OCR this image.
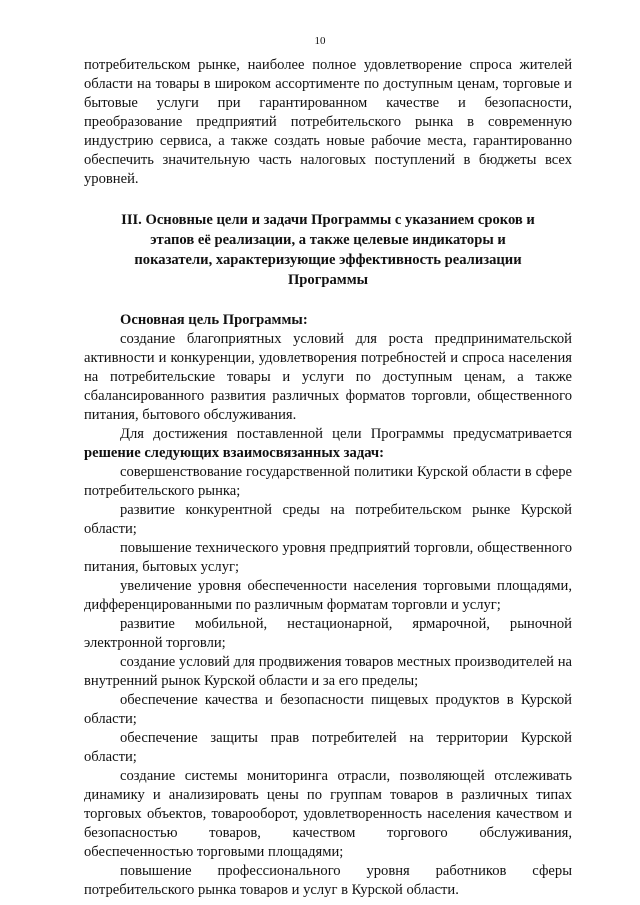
10

потребительском рынке, наиболее полное удовлетворение спроса жителей области на товары в широком ассортименте по доступным ценам, торговые и бытовые услуги при гарантированном качестве и безопасности, преобразование предприятий потребительского рынка в современную индустрию сервиса, а также создать новые рабочие места, гарантированно обеспечить значительную часть налоговых поступлений в бюджеты всех уровней.

III. Основные цели и задачи Программы с указанием сроков и этапов её реализации, а также целевые индикаторы и показатели, характеризующие эффективность реализации Программы
Основная цель Программы:

создание благоприятных условий для роста предпринимательской активности и конкуренции, удовлетворения потребностей и спроса населения на потребительские товары и услуги по доступным ценам, а также сбалансированного развития различных форматов торговли, общественного питания, бытового обслуживания.

Для достижения поставленной цели Программы предусматривается решение следующих взаимосвязанных задач:

совершенствование государственной политики Курской области в сфере потребительского рынка;

развитие конкурентной среды на потребительском рынке Курской области;

повышение технического уровня предприятий торговли, общественного питания, бытовых услуг;

увеличение уровня обеспеченности населения торговыми площадями, дифференцированными по различным форматам торговли и услуг;

развитие мобильной, нестационарной, ярмарочной, рыночной электронной торговли;

создание условий для продвижения товаров местных производителей на внутренний рынок Курской области и за его пределы;

обеспечение качества и безопасности пищевых продуктов в Курской области;

обеспечение защиты прав потребителей на территории Курской области;

создание системы мониторинга отрасли, позволяющей отслеживать динамику и анализировать цены по группам товаров в различных типах торговых объектов, товарооборот, удовлетворенность населения качеством и безопасностью товаров, качеством торгового обслуживания, обеспеченностью торговыми площадями;

повышение профессионального уровня работников сферы потребительского рынка товаров и услуг в Курской области.
